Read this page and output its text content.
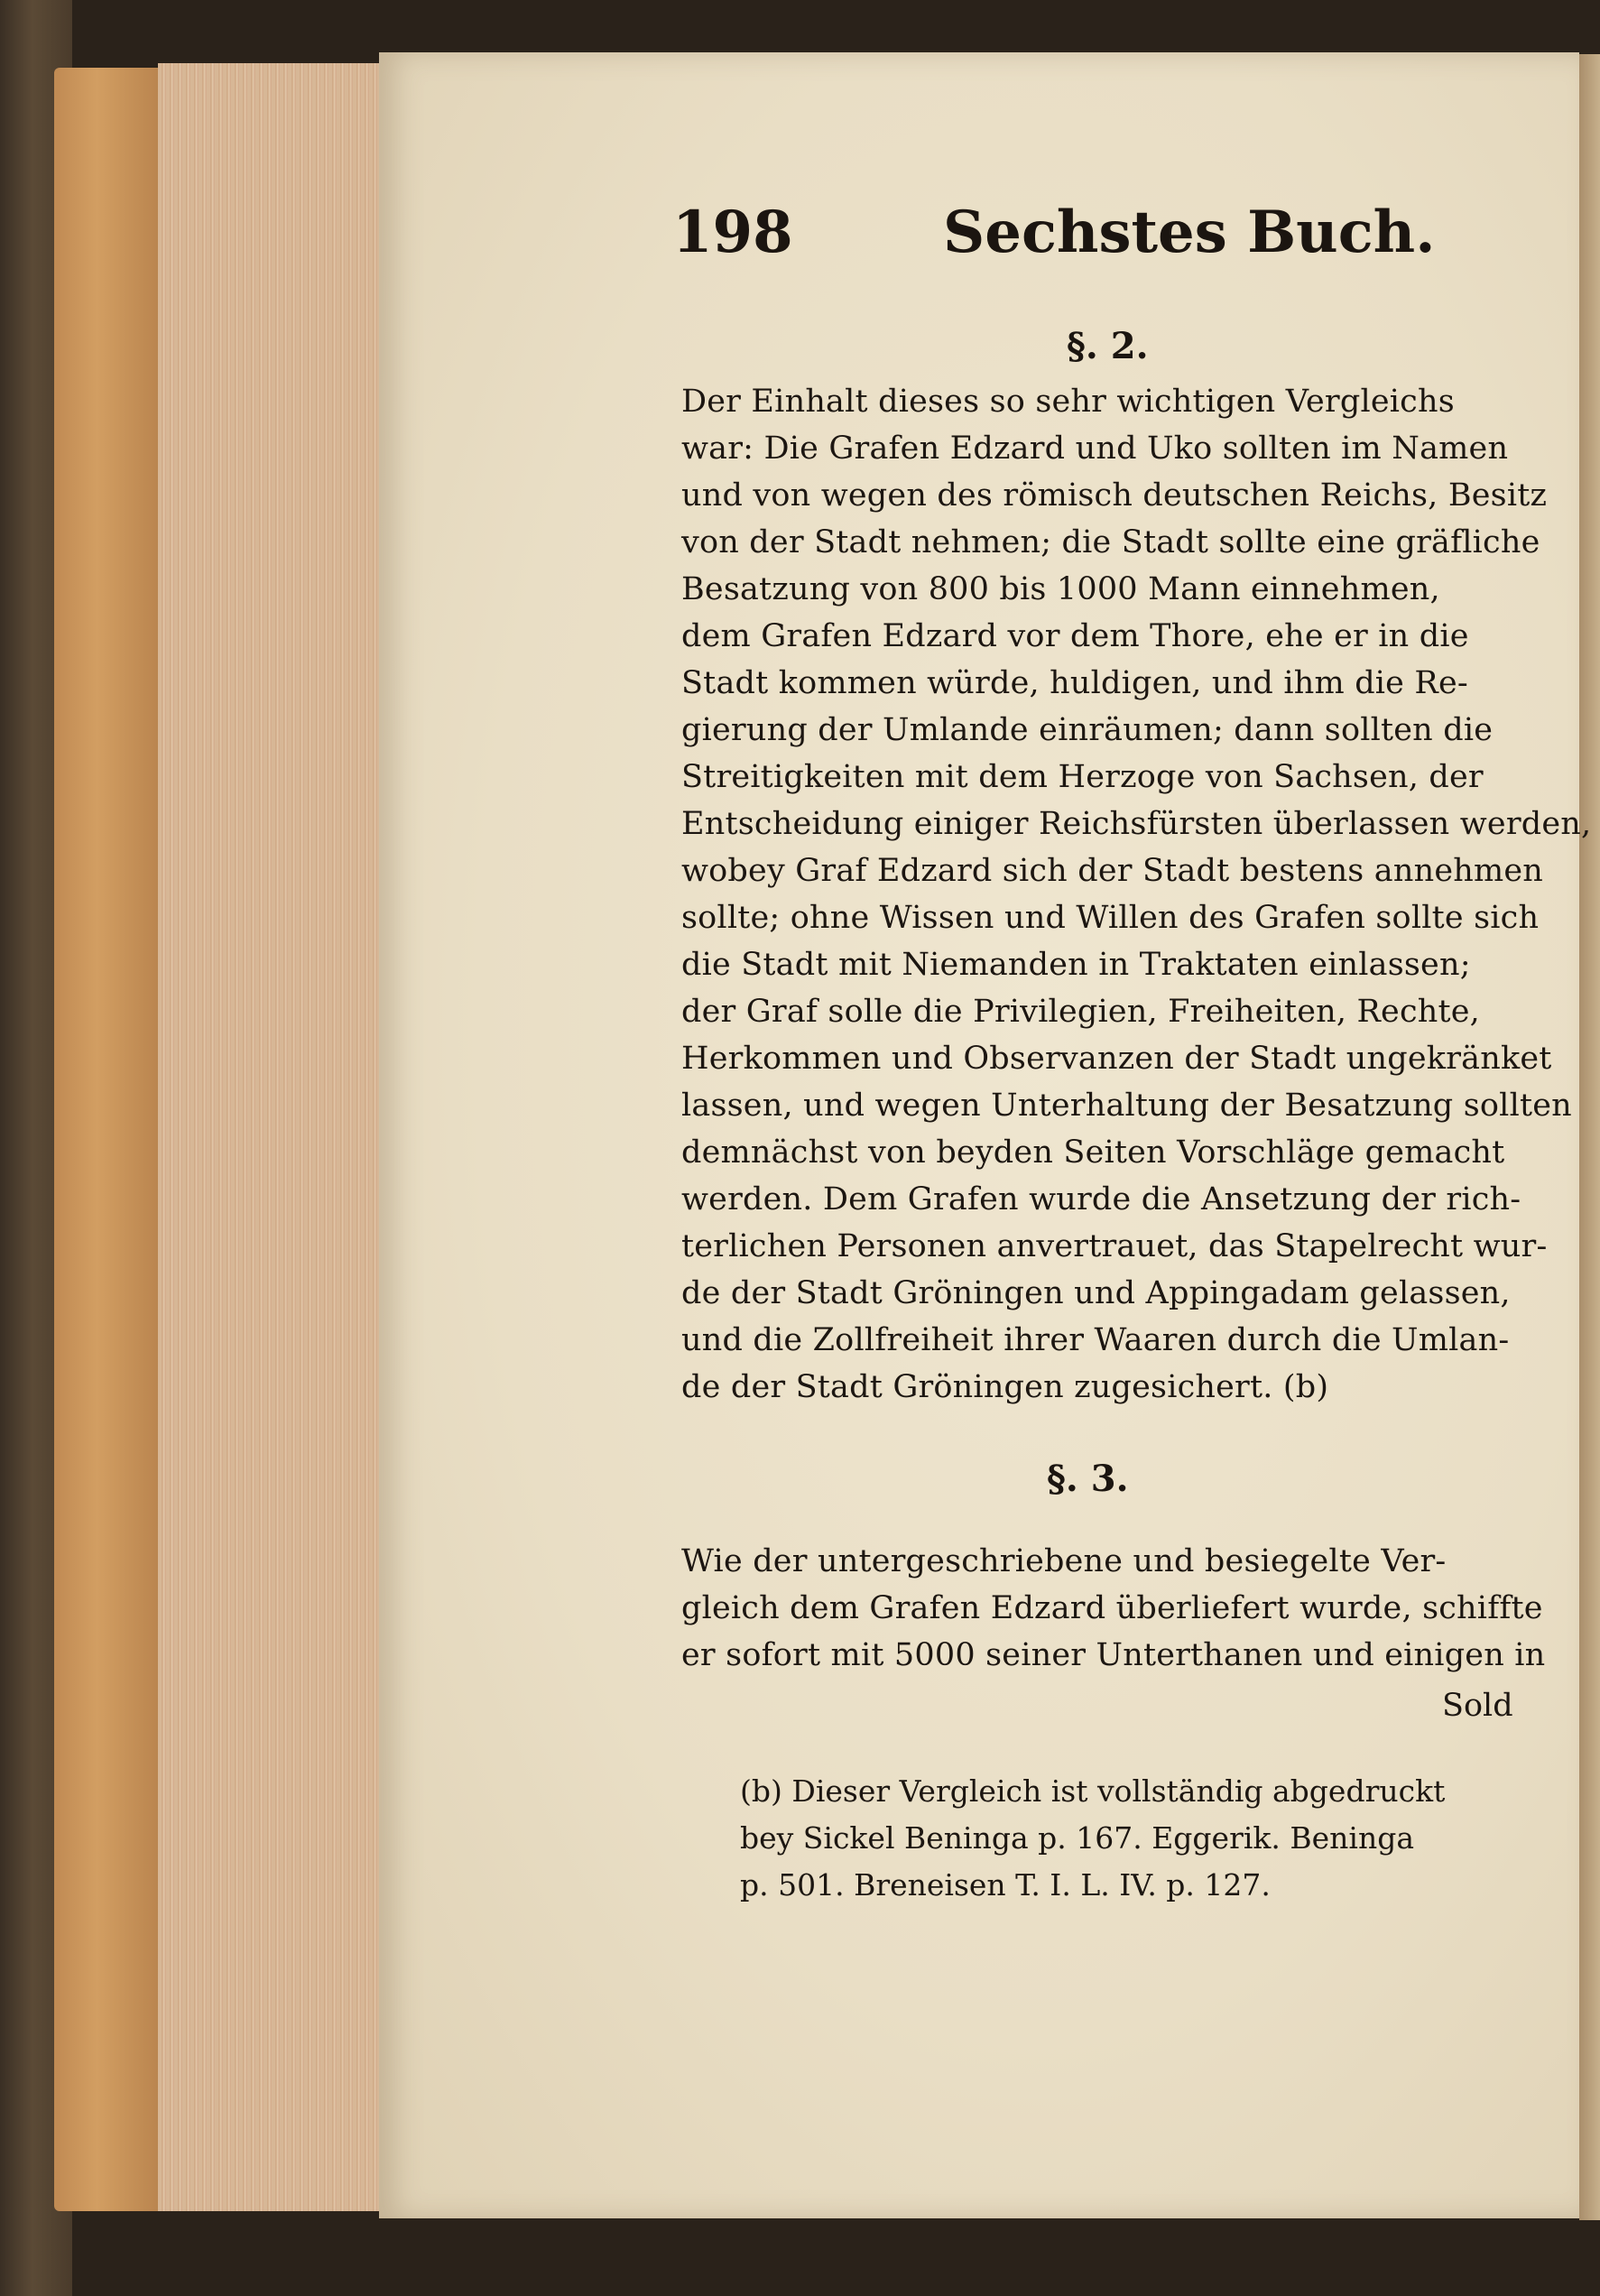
198	Sechstes Buch.
§. 2.
Der Einhalt dieses so sehr wichtigen Vergleichs
war: Die Grafen Edzard und Uko sollten im Namen
und von wegen des römisch deutschen Reichs, Besitz
von der Stadt nehmen; die Stadt sollte eine gräfliche
Besatzung von 800 bis 1000 Mann einnehmen,
dem Grafen Edzard vor dem Thore, ehe er in die
Stadt kommen würde, huldigen, und ihm die Re-
gierung der Umlande einräumen; dann sollten die
Streitigkeiten mit dem Herzoge von Sachsen, der
Entscheidung einiger Reichsfürsten überlassen werden,
wobey Graf Edzard sich der Stadt bestens annehmen
sollte; ohne Wissen und Willen des Grafen sollte sich
die Stadt mit Niemanden in Traktaten einlassen;
der Graf solle die Privilegien, Freiheiten, Rechte,
Herkommen und Observanzen der Stadt ungekränket
lassen, und wegen Unterhaltung der Besatzung sollten
demnächst von beyden Seiten Vorschläge gemacht
werden. Dem Grafen wurde die Ansetzung der rich-
terlichen Personen anvertrauet, das Stapelrecht wur-
de der Stadt Gröningen und Appingadam gelassen,
und die Zollfreiheit ihrer Waaren durch die Umlan-
de der Stadt Gröningen zugesichert. (b)
§. 3.
Wie der untergeschriebene und besiegelte Ver-
gleich dem Grafen Edzard überliefert wurde, schiffte
er sofort mit 5000 seiner Unterthanen und einigen in
Sold
(b) Dieser Vergleich ist vollständig abgedruckt
bey Sickel Beninga p. 167. Eggerik. Beninga
p. 501. Breneisen T. I. L. IV. p. 127.
